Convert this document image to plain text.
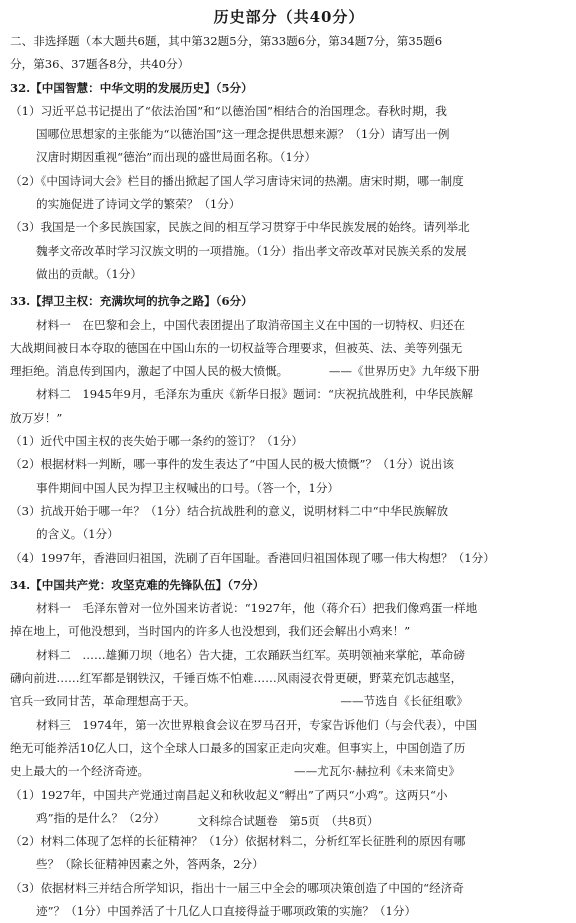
历史部分（共40分）
二、非选择题（本大题共6题，其中第32题5分，第33题6分，第34题7分，第35题6
分，第36、37题各8分，共40分）
32.【中国智慧：中华文明的发展历史】（5分）
（1）习近平总书记提出了“依法治国”和“以德治国”相结合的治国理念。春秋时期，我
国哪位思想家的主张能为“以德治国”这一理念提供思想来源？（1分）请写出一例
汉唐时期因重视“德治”而出现的盛世局面名称。（1分）
（2）《中国诗词大会》栏目的播出掀起了国人学习唐诗宋词的热潮。唐宋时期，哪一制度
的实施促进了诗词文学的繁荣？（1分）
（3）我国是一个多民族国家，民族之间的相互学习贯穿于中华民族发展的始终。请列举北
魏孝文帝改革时学习汉族文明的一项措施。（1分）指出孝文帝改革对民族关系的发展
做出的贡献。（1分）
33.【捍卫主权：充满坎坷的抗争之路】（6分）
材料一　在巴黎和会上，中国代表团提出了取消帝国主义在中国的一切特权、归还在
大战期间被日本夺取的德国在中国山东的一切权益等合理要求，但被英、法、美等列强无
理拒绝。消息传到国内，激起了中国人民的极大愤慨。　　　　——《世界历史》九年级下册
材料二　1945年9月，毛泽东为重庆《新华日报》题词：“庆祝抗战胜利，中华民族解
放万岁！”
（1）近代中国主权的丧失始于哪一条约的签订？（1分）
（2）根据材料一判断，哪一事件的发生表达了“中国人民的极大愤慨”？（1分）说出该
事件期间中国人民为捍卫主权喊出的口号。（答一个，1分）
（3）抗战开始于哪一年？（1分）结合抗战胜利的意义，说明材料二中“中华民族解放
的含义。（1分）
（4）1997年，香港回归祖国，洗刷了百年国耻。香港回归祖国体现了哪一伟大构想？（1分）
34.【中国共产党：攻坚克难的先锋队伍】（7分）
材料一　毛泽东曾对一位外国来访者说：“1927年，他（蒋介石）把我们像鸡蛋一样地
掉在地上，可他没想到，当时国内的许多人也没想到，我们还会解出小鸡来！”
材料二　……雄狮刀坝（地名）告大捷，工农踊跃当红军。英明领袖来掌舵，革命磅
礴向前进……红军都是钢铁汉，千锤百炼不怕难……风雨浸衣骨更硬，野菜充饥志越坚，
官兵一致同甘苦，革命理想高于天。　　　　　　　　　　　　　——节选自《长征组歌》
材料三　1974年，第一次世界粮食会议在罗马召开，专家告诉他们（与会代表），中国
绝无可能养活10亿人口，这个全球人口最多的国家正走向灾难。但事实上，中国创造了历
史上最大的一个经济奇迹。　　　　　　　　　　　　　——尤瓦尔·赫拉利《未来简史》
（1）1927年，中国共产党通过南昌起义和秋收起义“孵出”了两只“小鸡”。这两只“小
鸡”指的是什么？（2分）
（2）材料二体现了怎样的长征精神？（1分）依据材料二，分析红军长征胜利的原因有哪
些？（除长征精神因素之外，答两条，2分）
（3）依据材料三并结合所学知识，指出十一届三中全会的哪项决策创造了中国的“经济奇
迹”？（1分）中国养活了十几亿人口直接得益于哪项政策的实施？（1分）
文科综合试题卷　第5页　（共8页）
